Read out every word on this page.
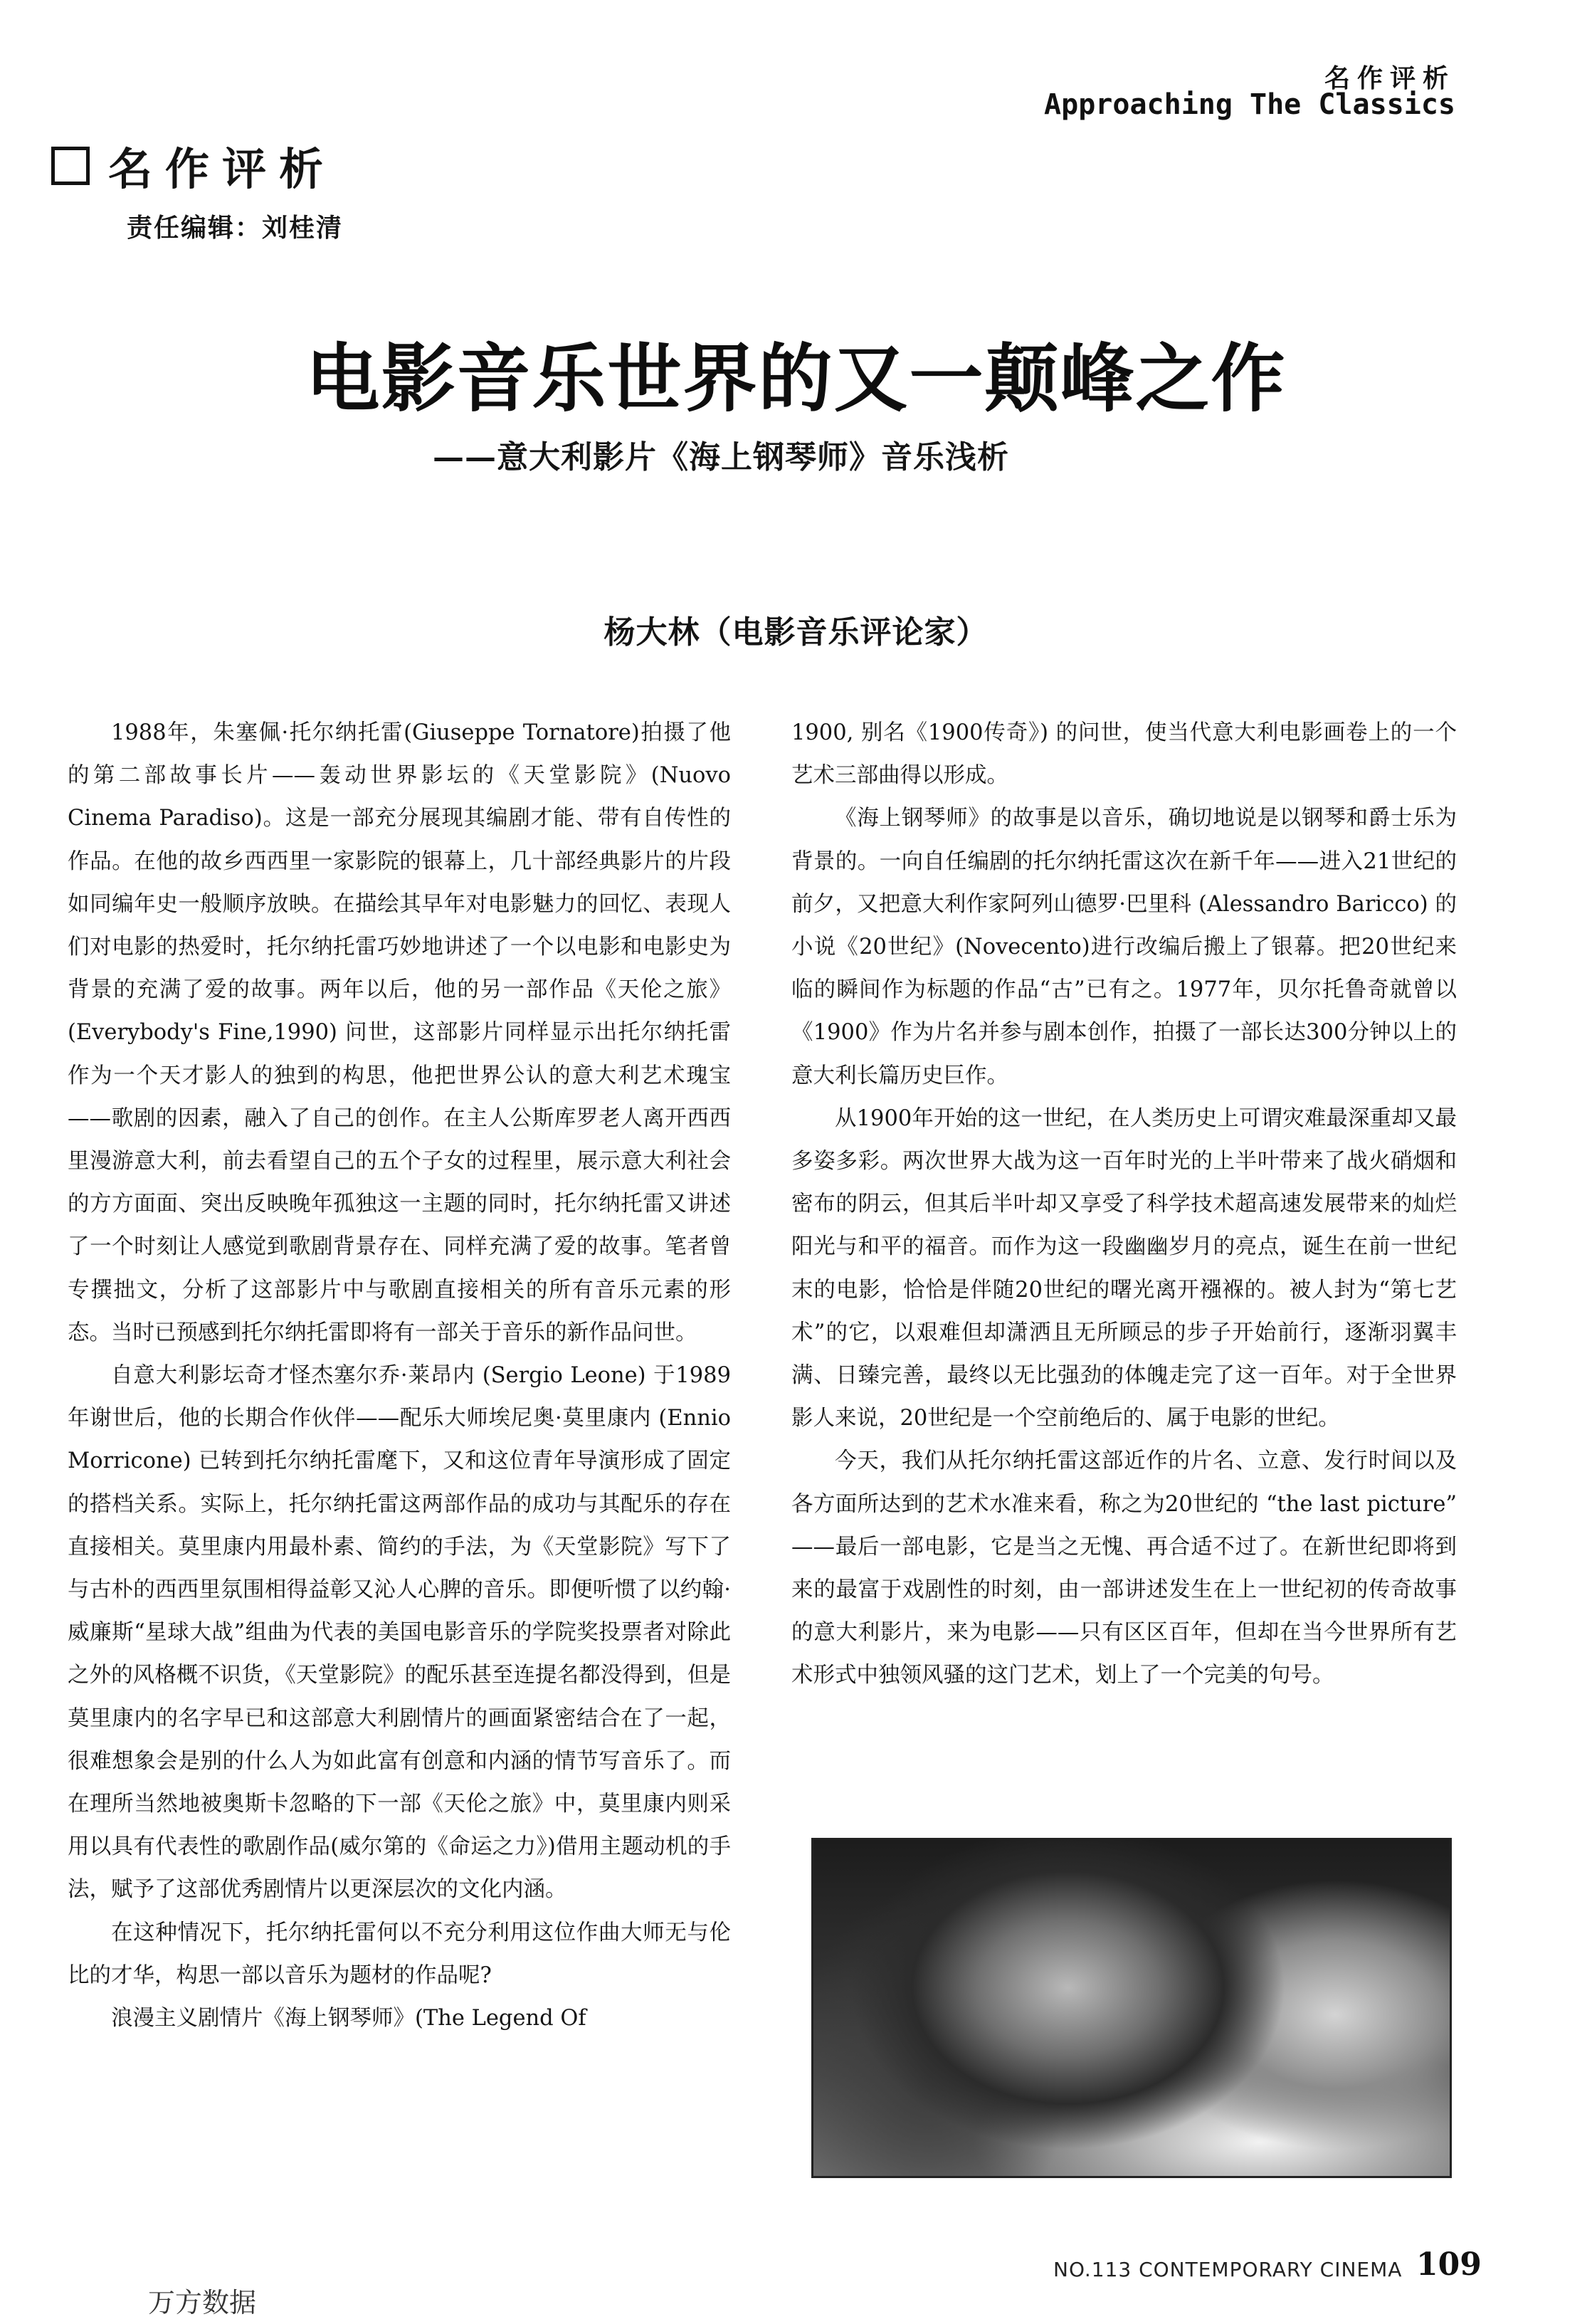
名作评析
Approaching The Classics
名作评析
责任编辑：刘桂清
电影音乐世界的又一颠峰之作
——意大利影片《海上钢琴师》音乐浅析
杨大林（电影音乐评论家）

1988年，朱塞佩·托尔纳托雷(Giuseppe Tornatore)拍摄了他的第二部故事长片——轰动世界影坛的《天堂影院》(Nuovo Cinema Paradiso)。这是一部充分展现其编剧才能、带有自传性的作品。在他的故乡西西里一家影院的银幕上，几十部经典影片的片段如同编年史一般顺序放映。在描绘其早年对电影魅力的回忆、表现人们对电影的热爱时，托尔纳托雷巧妙地讲述了一个以电影和电影史为背景的充满了爱的故事。两年以后，他的另一部作品《天伦之旅》(Everybody's Fine,1990) 问世，这部影片同样显示出托尔纳托雷作为一个天才影人的独到的构思，他把世界公认的意大利艺术瑰宝——歌剧的因素，融入了自己的创作。在主人公斯库罗老人离开西西里漫游意大利，前去看望自己的五个子女的过程里，展示意大利社会的方方面面、突出反映晚年孤独这一主题的同时，托尔纳托雷又讲述了一个时刻让人感觉到歌剧背景存在、同样充满了爱的故事。笔者曾专撰拙文，分析了这部影片中与歌剧直接相关的所有音乐元素的形态。当时已预感到托尔纳托雷即将有一部关于音乐的新作品问世。

自意大利影坛奇才怪杰塞尔乔·莱昂内 (Sergio Leone) 于1989年谢世后，他的长期合作伙伴——配乐大师埃尼奥·莫里康内 (Ennio Morricone) 已转到托尔纳托雷麾下，又和这位青年导演形成了固定的搭档关系。实际上，托尔纳托雷这两部作品的成功与其配乐的存在直接相关。莫里康内用最朴素、简约的手法，为《天堂影院》写下了与古朴的西西里氛围相得益彰又沁人心脾的音乐。即便听惯了以约翰·威廉斯“星球大战”组曲为代表的美国电影音乐的学院奖投票者对除此之外的风格概不识货，《天堂影院》的配乐甚至连提名都没得到，但是莫里康内的名字早已和这部意大利剧情片的画面紧密结合在了一起，很难想象会是别的什么人为如此富有创意和内涵的情节写音乐了。而在理所当然地被奥斯卡忽略的下一部《天伦之旅》中，莫里康内则采用以具有代表性的歌剧作品(威尔第的《命运之力》)借用主题动机的手法，赋予了这部优秀剧情片以更深层次的文化内涵。

在这种情况下，托尔纳托雷何以不充分利用这位作曲大师无与伦比的才华，构思一部以音乐为题材的作品呢?

浪漫主义剧情片《海上钢琴师》(The Legend Of

1900, 别名《1900传奇》) 的问世，使当代意大利电影画卷上的一个艺术三部曲得以形成。

《海上钢琴师》的故事是以音乐，确切地说是以钢琴和爵士乐为背景的。一向自任编剧的托尔纳托雷这次在新千年——进入21世纪的前夕，又把意大利作家阿列山德罗·巴里科 (Alessandro Baricco) 的小说《20世纪》(Novecento)进行改编后搬上了银幕。把20世纪来临的瞬间作为标题的作品“古”已有之。1977年，贝尔托鲁奇就曾以《1900》作为片名并参与剧本创作，拍摄了一部长达300分钟以上的意大利长篇历史巨作。

从1900年开始的这一世纪，在人类历史上可谓灾难最深重却又最多姿多彩。两次世界大战为这一百年时光的上半叶带来了战火硝烟和密布的阴云，但其后半叶却又享受了科学技术超高速发展带来的灿烂阳光与和平的福音。而作为这一段幽幽岁月的亮点，诞生在前一世纪末的电影，恰恰是伴随20世纪的曙光离开襁褓的。被人封为“第七艺术”的它，以艰难但却潇洒且无所顾忌的步子开始前行，逐渐羽翼丰满、日臻完善，最终以无比强劲的体魄走完了这一百年。对于全世界影人来说，20世纪是一个空前绝后的、属于电影的世纪。

今天，我们从托尔纳托雷这部近作的片名、立意、发行时间以及各方面所达到的艺术水准来看，称之为20世纪的 “the last picture” ——最后一部电影，它是当之无愧、再合适不过了。在新世纪即将到来的最富于戏剧性的时刻，由一部讲述发生在上一世纪初的传奇故事的意大利影片，来为电影——只有区区百年，但却在当今世界所有艺术形式中独领风骚的这门艺术，划上了一个完美的句号。

NO.113 CONTEMPORARY CINEMA 109
万方数据
